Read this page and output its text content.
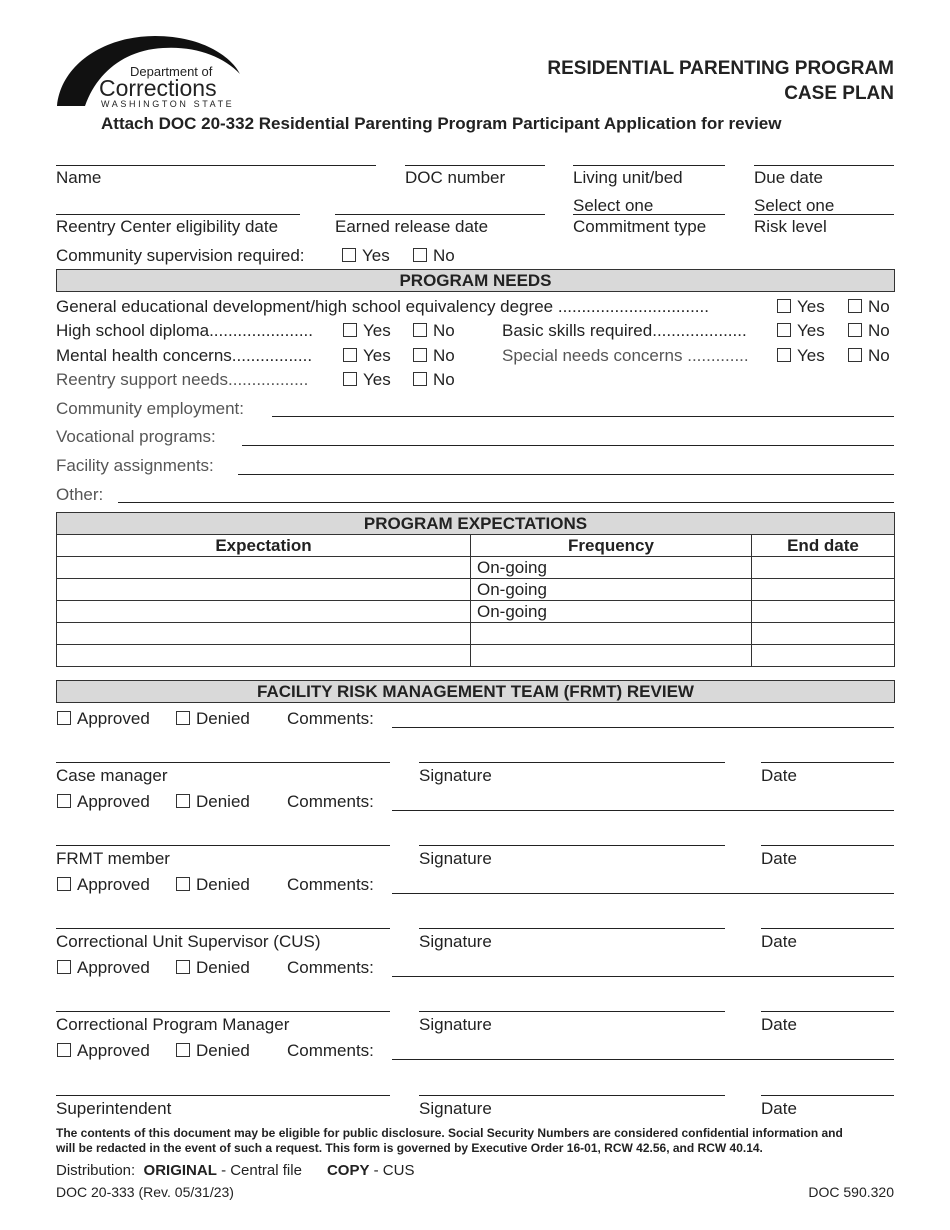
Department of
Corrections
WASHINGTON STATE
RESIDENTIAL PARENTING PROGRAM
CASE PLAN
Attach DOC 20-332 Residential Parenting Program Participant Application for review
Name	DOC number	Living unit/bed	Due date
Select one	Select one
Reentry Center eligibility date	Earned release date	Commitment type	Risk level
Community supervision required:	Yes	No
PROGRAM NEEDS
General educational development/high school equivalency degree ................................	Yes	No
High school diploma......................	Yes	No	Basic skills required....................	Yes	No
Mental health concerns.................	Yes	No	Special needs concerns .............	Yes	No
Reentry support needs.................	Yes	No
Community employment:
Vocational programs:
Facility assignments:
Other:
PROGRAM EXPECTATIONS
Expectation	Frequency	End date
	On-going	
	On-going	
	On-going	

FACILITY RISK MANAGEMENT TEAM (FRMT) REVIEW
Approved	Denied Comments:
Case manager	Signature	Date
Approved	Denied Comments:
FRMT member	Signature	Date
Approved	Denied Comments:
Correctional Unit Supervisor (CUS)	Signature	Date
Approved	Denied Comments:
Correctional Program Manager	Signature	Date
Approved	Denied Comments:
Superintendent	Signature	Date
The contents of this document may be eligible for public disclosure. Social Security Numbers are considered confidential information and
will be redacted in the event of such a request. This form is governed by Executive Order 16-01, RCW 42.56, and RCW 40.14.
Distribution: ORIGINAL - Central file COPY - CUS
DOC 20-333 (Rev. 05/31/23)	DOC 590.320
